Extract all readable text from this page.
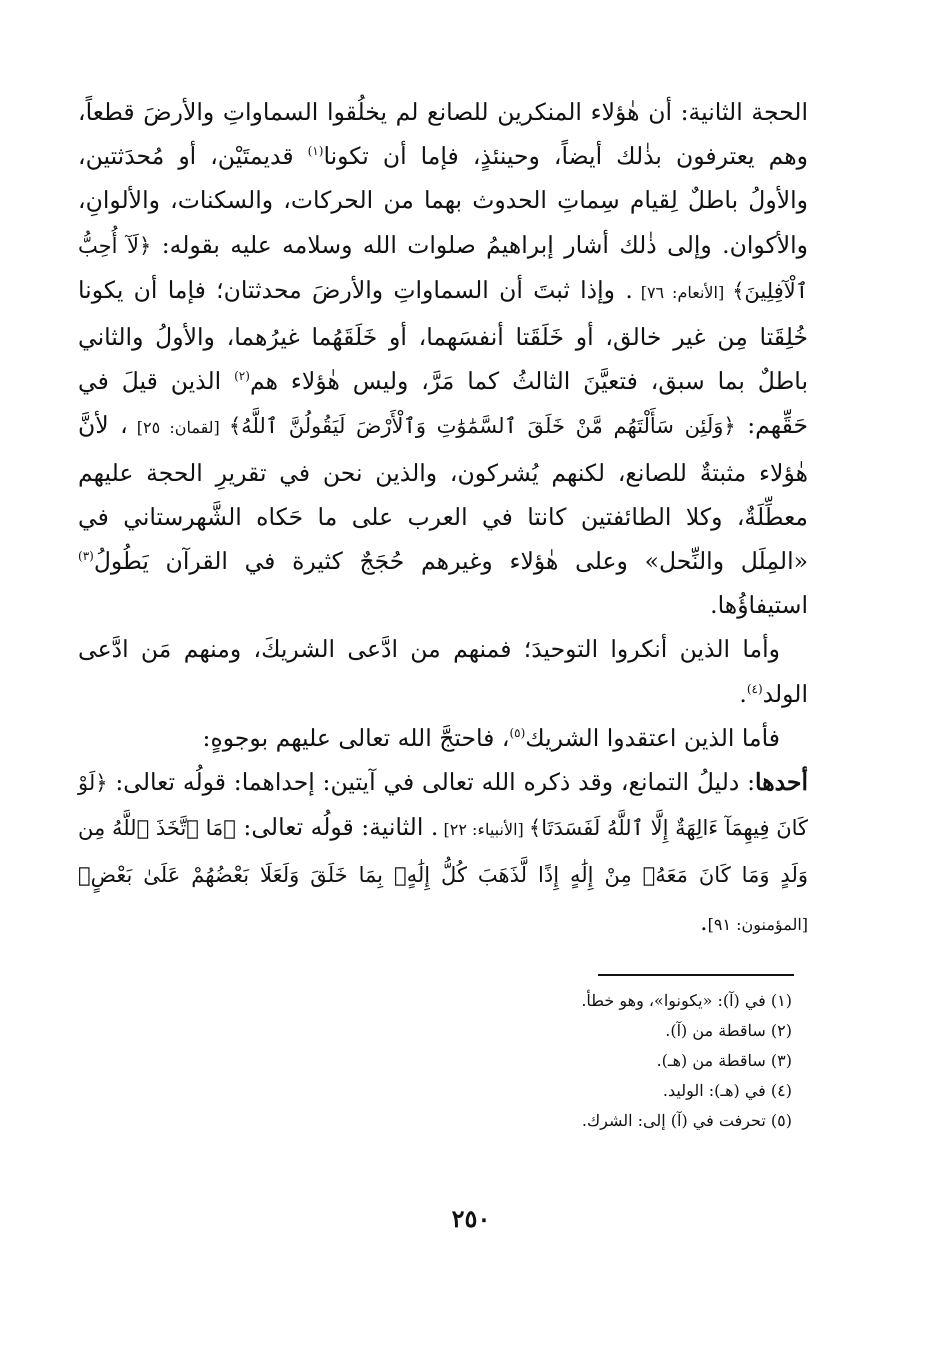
الحجة الثانية: أن هٰؤلاء المنكرين للصانع لم يخلُقوا السماواتِ والأرضَ قطعاً، وهم يعترفون بذٰلك أيضاً، وحينئذٍ، فإما أن تكونا$^{(١)}$ قديمتَيْن، أو مُحدَثتين، والأولُ باطلٌ لِقيام سِماتِ الحدوث بهما من الحركات، والسكنات، والألوانِ، والأكوان. وإلى ذٰلك أشار إبراهيمُ صلوات الله وسلامه عليه بقوله: ﴿لَآ أُحِبُّ ٱلْآفِلِينَ﴾ [الأنعام: ٧٦] . وإذا ثبتَ أن السماواتِ والأرضَ محدثتان؛ فإما أن يكونا خُلِقَتا مِن غير خالق، أو خَلَقَتا أنفسَهما، أو خَلَقَهُما غيرُهما، والأولُ والثاني باطلٌ بما سبق، فتعيَّنَ الثالثُ كما مَرَّ، وليس هٰؤلاء هم$^{(٢)}$ الذين قيلَ في حَقِّهم: ﴿وَلَئِن سَأَلْتَهُم مَّنْ خَلَقَ ٱلسَّمَٰوَٰتِ وَٱلْأَرْضَ لَيَقُولُنَّ ٱللَّهُ﴾ [لقمان: ٢٥] ، لأنَّ هٰؤلاء مثبتةٌ للصانع، لكنهم يُشركون، والذين نحن في تقريرِ الحجة عليهم معطِّلَةٌ، وكلا الطائفتين كانتا في العرب على ما حَكاه الشَّهرستاني في «المِلَل والنِّحل» وعلى هٰؤلاء وغيرهم حُجَجٌ كثيرة في القرآن يَطُولُ$^{(٣)}$ استيفاؤُها.

وأما الذين أنكروا التوحيدَ؛ فمنهم من ادَّعى الشريكَ، ومنهم مَن ادَّعى الولد$^{(٤)}$.

فأما الذين اعتقدوا الشريك$^{(٥)}$، فاحتجَّ الله تعالى عليهم بوجوهٍ:

أحدها: دليلُ التمانع، وقد ذكره الله تعالى في آيتين: إحداهما: قولُه تعالى: ﴿لَوْ كَانَ فِيهِمَآ ءَالِهَةٌ إِلَّا ٱللَّهُ لَفَسَدَتَا﴾ [الأنبياء: ٢٢] . الثانية: قولُه تعالى: ﴿مَا ٱتَّخَذَ ٱللَّهُ مِن وَلَدٍ وَمَا كَانَ مَعَهُۥ مِنْ إِلَٰهٍ إِذًا لَّذَهَبَ كُلُّ إِلَٰهٍۭ بِمَا خَلَقَ وَلَعَلَا بَعْضُهُمْ عَلَىٰ بَعْضٍ﴾ [المؤمنون: ٩١].

(١) في (آ): «يكونوا»، وهو خطأ.
(٢) ساقطة من (آ).
(٣) ساقطة من (هـ).
(٤) في (هـ): الوليد.
(٥) تحرفت في (آ) إلى: الشرك.
٢٥٠
